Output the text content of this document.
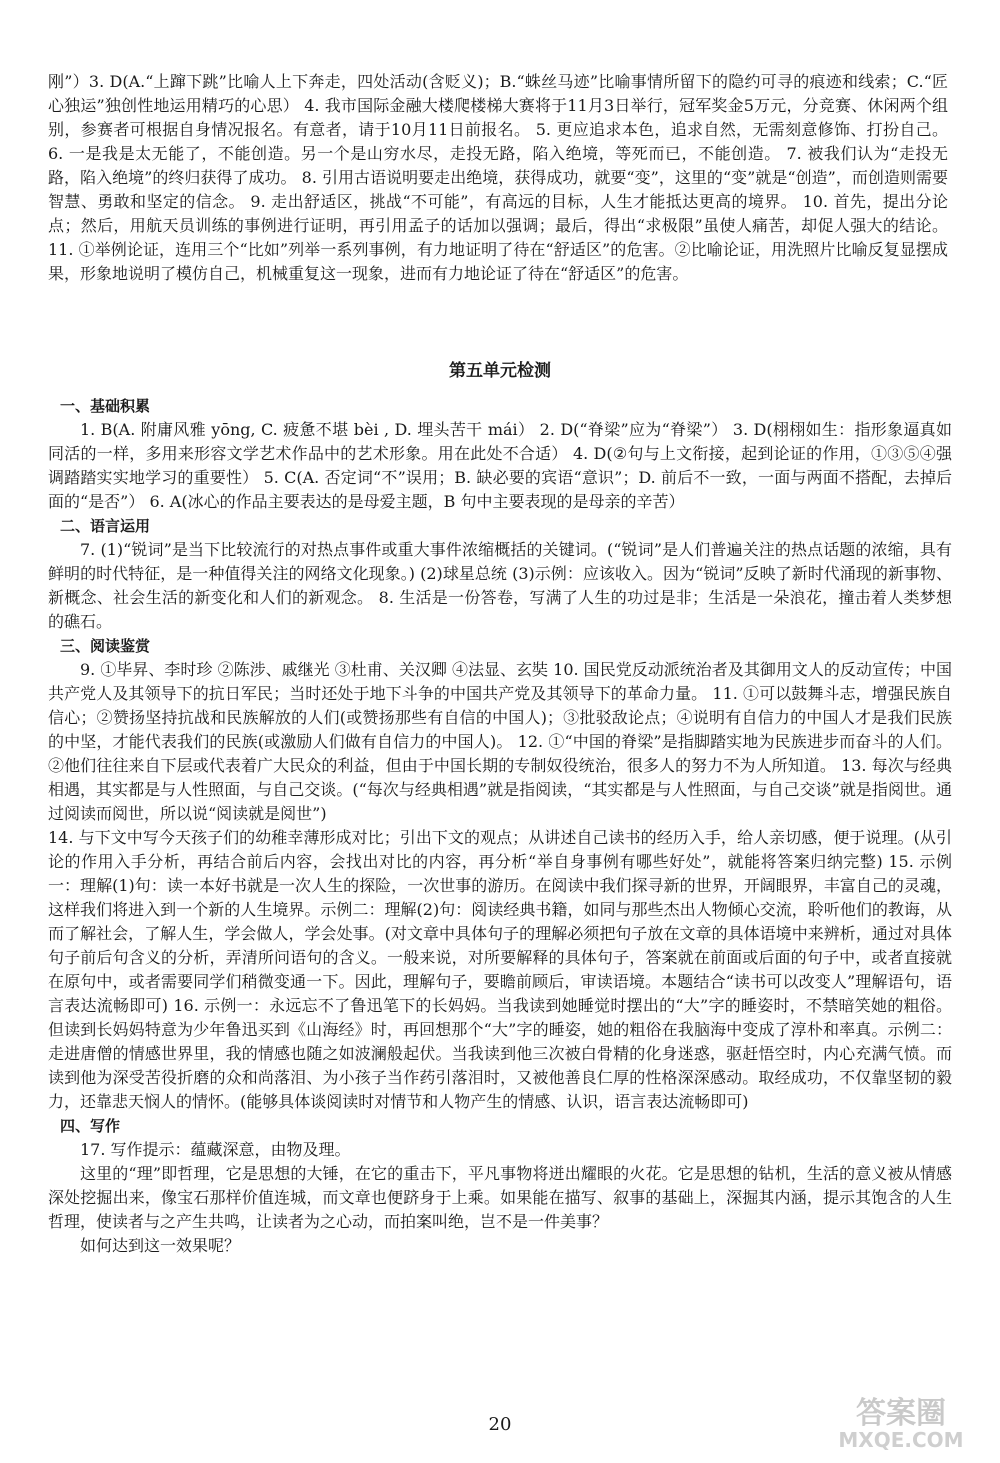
刚”）3. D(A.“上蹿下跳”比喻人上下奔走，四处活动(含贬义)；B.“蛛丝马迹”比喻事情所留下的隐约可寻的痕迹和线索；C.“匠心独运”独创性地运用精巧的心思） 4. 我市国际金融大楼爬楼梯大赛将于11月3日举行，冠军奖金5万元，分竞赛、休闲两个组别，参赛者可根据自身情况报名。有意者，请于10月11日前报名。 5. 更应追求本色，追求自然，无需刻意修饰、打扮自己。 6. 一是我是太无能了，不能创造。另一个是山穷水尽，走投无路，陷入绝境，等死而已，不能创造。 7. 被我们认为“走投无路，陷入绝境”的终归获得了成功。 8. 引用古语说明要走出绝境，获得成功，就要“变”，这里的“变”就是“创造”，而创造则需要智慧、勇敢和坚定的信念。 9. 走出舒适区，挑战“不可能”，有高远的目标，人生才能抵达更高的境界。 10. 首先，提出分论点；然后，用航天员训练的事例进行证明，再引用孟子的话加以强调；最后，得出“求极限”虽使人痛苦，却促人强大的结论。 11. ①举例论证，连用三个“比如”列举一系列事例，有力地证明了待在“舒适区”的危害。②比喻论证，用洗照片比喻反复显摆成果，形象地说明了模仿自己，机械重复这一现象，进而有力地论证了待在“舒适区”的危害。

第五单元检测

一、基础积累

1. B(A. 附庸风雅 yōng, C. 疲惫不堪 bèi , D. 埋头苦干 mái） 2. D(“脊梁”应为“脊梁”） 3. D(栩栩如生：指形象逼真如同活的一样，多用来形容文学艺术作品中的艺术形象。用在此处不合适） 4. D(②句与上文衔接，起到论证的作用，①③⑤④强调踏踏实实地学习的重要性） 5. C(A. 否定词“不”误用；B. 缺必要的宾语“意识”；D. 前后不一致，一面与两面不搭配，去掉后面的“是否”） 6. A(冰心的作品主要表达的是母爱主题，B 句中主要表现的是母亲的辛苦）

二、语言运用

7. (1)“锐词”是当下比较流行的对热点事件或重大事件浓缩概括的关键词。(“锐词”是人们普遍关注的热点话题的浓缩，具有鲜明的时代特征，是一种值得关注的网络文化现象。) (2)球星总统 (3)示例：应该收入。因为“锐词”反映了新时代涌现的新事物、新概念、社会生活的新变化和人们的新观念。 8. 生活是一份答卷，写满了人生的功过是非；生活是一朵浪花，撞击着人类梦想的礁石。

三、阅读鉴赏

9. ①毕昇、李时珍 ②陈涉、戚继光 ③杜甫、关汉卿 ④法显、玄奘 10. 国民党反动派统治者及其御用文人的反动宣传；中国共产党人及其领导下的抗日军民；当时还处于地下斗争的中国共产党及其领导下的革命力量。 11. ①可以鼓舞斗志，增强民族自信心；②赞扬坚持抗战和民族解放的人们(或赞扬那些有自信的中国人)；③批驳敌论点；④说明有自信力的中国人才是我们民族的中坚，才能代表我们的民族(或激励人们做有自信力的中国人)。 12. ①“中国的脊梁”是指脚踏实地为民族进步而奋斗的人们。②他们往往来自下层或代表着广大民众的利益，但由于中国长期的专制奴役统治，很多人的努力不为人所知道。 13. 每次与经典相遇，其实都是与人性照面，与自己交谈。(“每次与经典相遇”就是指阅读，“其实都是与人性照面，与自己交谈”就是指阅世。通过阅读而阅世，所以说“阅读就是阅世”)

14. 与下文中写今天孩子们的幼稚幸薄形成对比；引出下文的观点；从讲述自己读书的经历入手，给人亲切感，便于说理。(从引论的作用入手分析，再结合前后内容，会找出对比的内容，再分析“举自身事例有哪些好处”，就能将答案归纳完整) 15. 示例一：理解(1)句：读一本好书就是一次人生的探险，一次世事的游历。在阅读中我们探寻新的世界，开阔眼界，丰富自己的灵魂，这样我们将进入到一个新的人生境界。示例二：理解(2)句：阅读经典书籍，如同与那些杰出人物倾心交流，聆听他们的教诲，从而了解社会，了解人生，学会做人，学会处事。(对文章中具体句子的理解必须把句子放在文章的具体语境中来辨析，通过对具体句子前后句含义的分析，弄清所问语句的含义。一般来说，对所要解释的具体句子，答案就在前面或后面的句子中，或者直接就在原句中，或者需要同学们稍微变通一下。因此，理解句子，要瞻前顾后，审读语境。本题结合“读书可以改变人”理解语句，语言表达流畅即可) 16. 示例一：永远忘不了鲁迅笔下的长妈妈。当我读到她睡觉时摆出的“大”字的睡姿时，不禁暗笑她的粗俗。但读到长妈妈特意为少年鲁迅买到《山海经》时，再回想那个“大”字的睡姿，她的粗俗在我脑海中变成了淳朴和率真。示例二：走进唐僧的情感世界里，我的情感也随之如波澜般起伏。当我读到他三次被白骨精的化身迷惑，驱赶悟空时，内心充满气愤。而读到他为深受苦役折磨的众和尚落泪、为小孩子当作药引落泪时，又被他善良仁厚的性格深深感动。取经成功，不仅靠坚韧的毅力，还靠悲天悯人的情怀。(能够具体谈阅读时对情节和人物产生的情感、认识，语言表达流畅即可)

四、写作

17. 写作提示：蕴藏深意，由物及理。

这里的“理”即哲理，它是思想的大锤，在它的重击下，平凡事物将迸出耀眼的火花。它是思想的钻机，生活的意义被从情感深处挖掘出来，像宝石那样价值连城，而文章也便跻身于上乘。如果能在描写、叙事的基础上，深掘其内涵，提示其饱含的人生哲理，使读者与之产生共鸣，让读者为之心动，而拍案叫绝，岂不是一件美事？

如何达到这一效果呢？

20	答案圈
MXQE.COM
